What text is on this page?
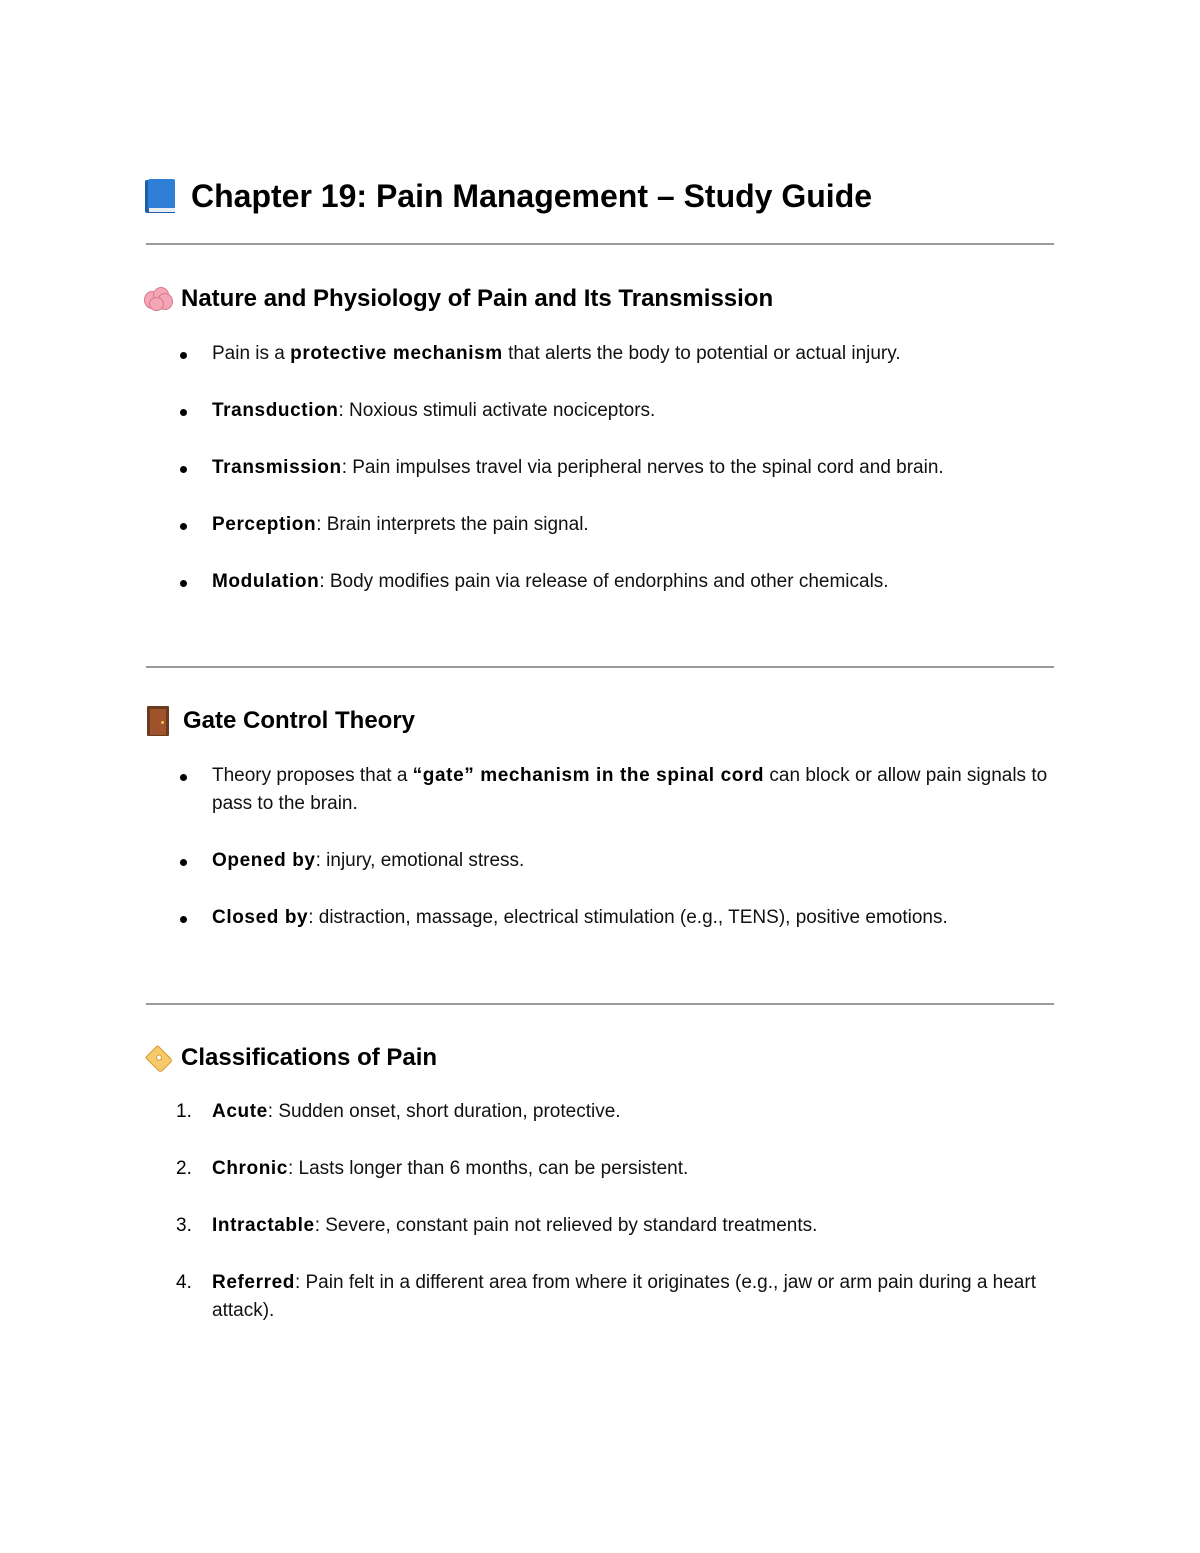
Chapter 19: Pain Management – Study Guide
Nature and Physiology of Pain and Its Transmission
Pain is a protective mechanism that alerts the body to potential or actual injury.
Transduction: Noxious stimuli activate nociceptors.
Transmission: Pain impulses travel via peripheral nerves to the spinal cord and brain.
Perception: Brain interprets the pain signal.
Modulation: Body modifies pain via release of endorphins and other chemicals.
Gate Control Theory
Theory proposes that a “gate” mechanism in the spinal cord can block or allow pain signals to pass to the brain.
Opened by: injury, emotional stress.
Closed by: distraction, massage, electrical stimulation (e.g., TENS), positive emotions.
Classifications of Pain
1. Acute: Sudden onset, short duration, protective.
2. Chronic: Lasts longer than 6 months, can be persistent.
3. Intractable: Severe, constant pain not relieved by standard treatments.
4. Referred: Pain felt in a different area from where it originates (e.g., jaw or arm pain during a heart attack).
